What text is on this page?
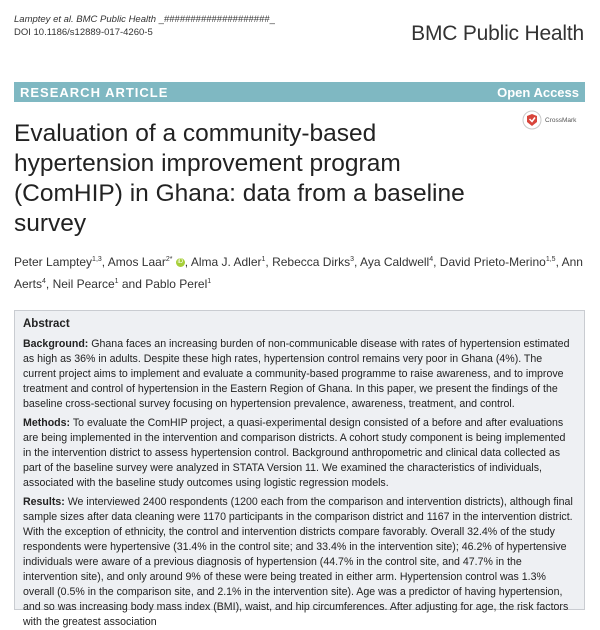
Lamptey et al. BMC Public Health _####################_
DOI 10.1186/s12889-017-4260-5	BMC Public Health
RESEARCH ARTICLE	Open Access
Evaluation of a community-based hypertension improvement program (ComHIP) in Ghana: data from a baseline survey
CrossMark
Peter Lamptey$^{1,3}$, Amos Laar$^{2*}$ iD , Alma J. Adler$^1$, Rebecca Dirks$^3$, Aya Caldwell$^4$, David Prieto-Merino$^{1,5}$, Ann Aerts$^4$, Neil Pearce$^1$ and Pablo Perel$^1$
Abstract

Background: Ghana faces an increasing burden of non-communicable disease with rates of hypertension estimated as high as 36% in adults. Despite these high rates, hypertension control remains very poor in Ghana (4%). The current project aims to implement and evaluate a community-based programme to raise awareness, and to improve treatment and control of hypertension in the Eastern Region of Ghana. In this paper, we present the findings of the baseline cross-sectional survey focusing on hypertension prevalence, awareness, treatment, and control.

Methods: To evaluate the ComHIP project, a quasi-experimental design consisted of a before and after evaluations are being implemented in the intervention and comparison districts. A cohort study component is being implemented in the intervention district to assess hypertension control. Background anthropometric and clinical data collected as part of the baseline survey were analyzed in STATA Version 11. We examined the characteristics of individuals, associated with the baseline study outcomes using logistic regression models.

Results: We interviewed 2400 respondents (1200 each from the comparison and intervention districts), although final sample sizes after data cleaning were 1170 participants in the comparison district and 1167 in the intervention district. With the exception of ethnicity, the control and intervention districts compare favorably. Overall 32.4% of the study respondents were hypertensive (31.4% in the control site; and 33.4% in the intervention site); 46.2% of hypertensive individuals were aware of a previous diagnosis of hypertension (44.7% in the control site, and 47.7% in the intervention site), and only around 9% of these were being treated in either arm. Hypertension control was 1.3% overall (0.5% in the comparison site, and 2.1% in the intervention site). Age was a predictor of having hypertension, and so was increasing body mass index (BMI), waist, and hip circumferences. After adjusting for age, the risk factors with the greatest association
